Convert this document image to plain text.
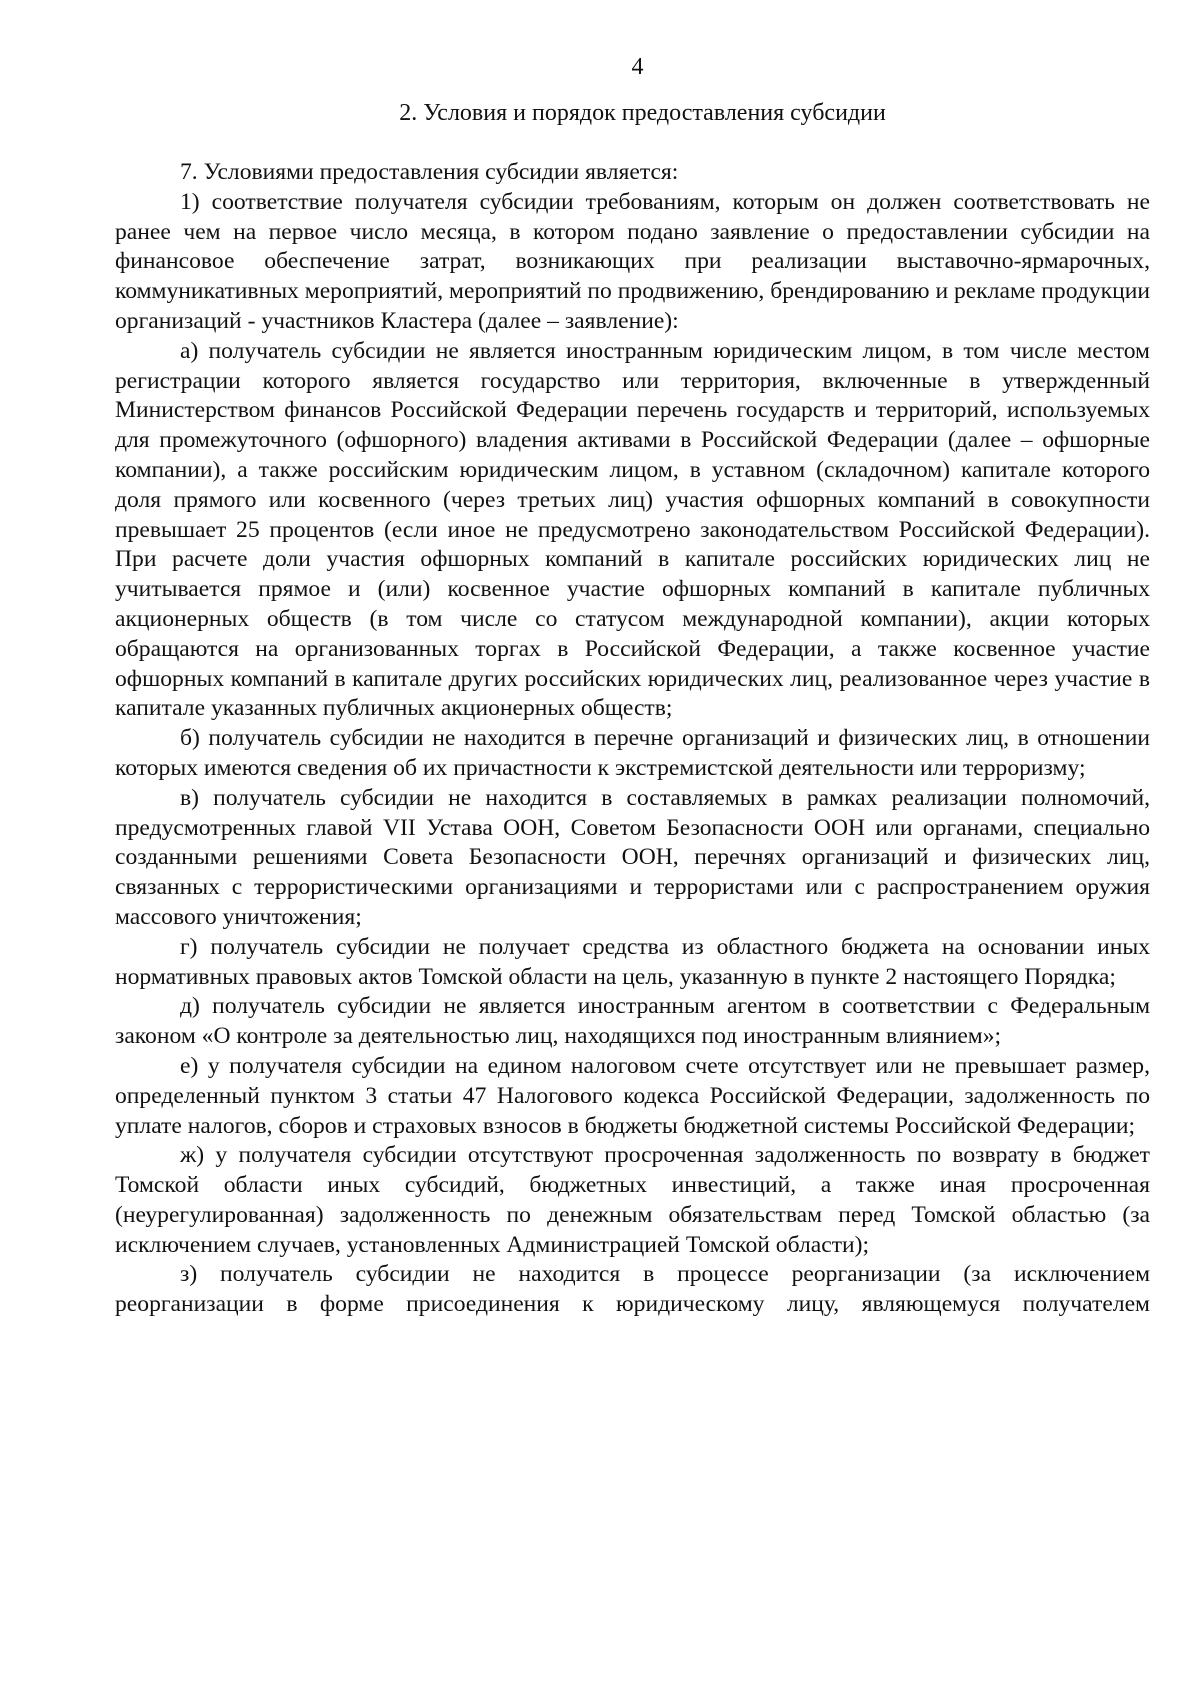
4
2. Условия и порядок предоставления субсидии

7. Условиями предоставления субсидии является:

1) соответствие получателя субсидии требованиям, которым он должен соответствовать не ранее чем на первое число месяца, в котором подано заявление о предоставлении субсидии на финансовое обеспечение затрат, возникающих при реализации выставочно-ярмарочных, коммуникативных мероприятий, мероприятий по продвижению, брендированию и рекламе продукции организаций - участников Кластера (далее – заявление):

а) получатель субсидии не является иностранным юридическим лицом, в том числе местом регистрации которого является государство или территория, включенные в утвержденный Министерством финансов Российской Федерации перечень государств и территорий, используемых для промежуточного (офшорного) владения активами в Российской Федерации (далее – офшорные компании), а также российским юридическим лицом, в уставном (складочном) капитале которого доля прямого или косвенного (через третьих лиц) участия офшорных компаний в совокупности превышает 25 процентов (если иное не предусмотрено законодательством Российской Федерации). При расчете доли участия офшорных компаний в капитале российских юридических лиц не учитывается прямое и (или) косвенное участие офшорных компаний в капитале публичных акционерных обществ (в том числе со статусом международной компании), акции которых обращаются на организованных торгах в Российской Федерации, а также косвенное участие офшорных компаний в капитале других российских юридических лиц, реализованное через участие в капитале указанных публичных акционерных обществ;

б) получатель субсидии не находится в перечне организаций и физических лиц, в отношении которых имеются сведения об их причастности к экстремистской деятельности или терроризму;

в) получатель субсидии не находится в составляемых в рамках реализации полномочий, предусмотренных главой VII Устава ООН, Советом Безопасности ООН или органами, специально созданными решениями Совета Безопасности ООН, перечнях организаций и физических лиц, связанных с террористическими организациями и террористами или с распространением оружия массового уничтожения;

г) получатель субсидии не получает средства из областного бюджета на основании иных нормативных правовых актов Томской области на цель, указанную в пункте 2 настоящего Порядка;

д) получатель субсидии не является иностранным агентом в соответствии с Федеральным законом «О контроле за деятельностью лиц, находящихся под иностранным влиянием»;

е) у получателя субсидии на едином налоговом счете отсутствует или не превышает размер, определенный пунктом 3 статьи 47 Налогового кодекса Российской Федерации, задолженность по уплате налогов, сборов и страховых взносов в бюджеты бюджетной системы Российской Федерации;

ж) у получателя субсидии отсутствуют просроченная задолженность по возврату в бюджет Томской области иных субсидий, бюджетных инвестиций, а также иная просроченная (неурегулированная) задолженность по денежным обязательствам перед Томской областью (за исключением случаев, установленных Администрацией Томской области);

з) получатель субсидии не находится в процессе реорганизации (за исключением реорганизации в форме присоединения к юридическому лицу, являющемуся получателем
